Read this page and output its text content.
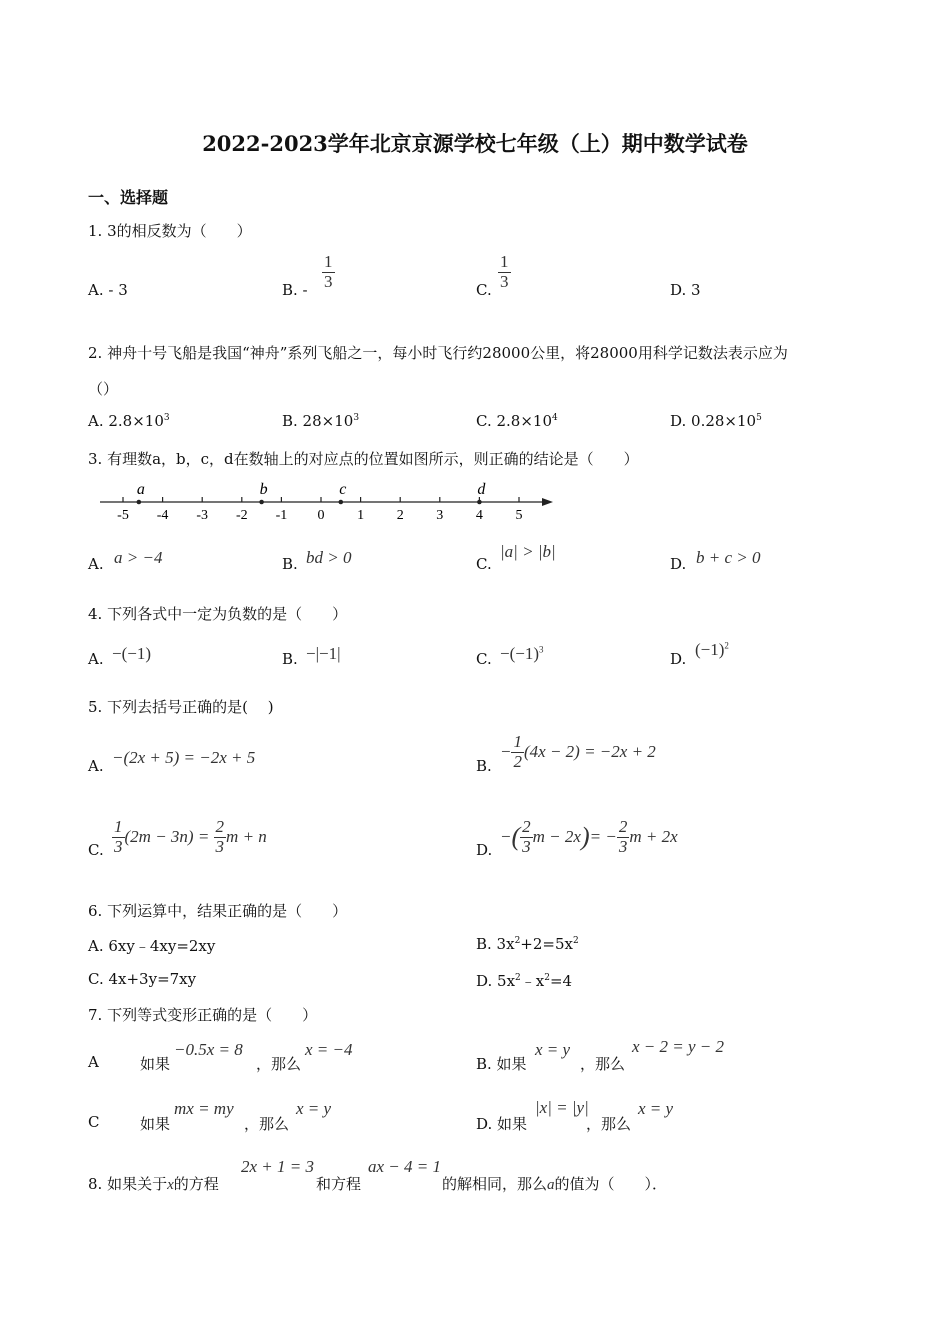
2022-2023学年北京京源学校七年级（上）期中数学试卷
一、选择题
1. 3的相反数为（　　）
A. - 3	B. - $\frac{1}{3}$	C. $\frac{1}{3}$	D. 3
2. 神舟十号飞船是我国“神舟”系列飞船之一，每小时飞行约28000公里，将28000用科学记数法表示应为
（）
A. $2.8\times 10^3$	B. $28\times 10^3$	C. $2.8\times 10^4$	D. $0.28\times 10^5$
3. 有理数a，b，c，d在数轴上的对应点的位置如图所示，则正确的结论是（　　）
-5 -4 -3 -2 -1 0 1 2 3 4 5
a	b	c	d
A. a > −4	B. bd > 0	C.
|a| > |b|
D. b + c > 0
4. 下列各式中一定为负数的是（　　）
A. −(−1)	B. −|−1|	C. $-(-1)^3$
D. $(-1)^2$
5. 下列去括号正确的是(　 )
A. −(2x + 5) = −2x + 5	B.
− $\frac{1}{2} (4x - 2) = -2x + 2$
C. $\frac{1}{3} (2m - 3n) = \frac{2}{3}$ m + n
D.
−( $\frac{2}{3}$ $m - 2x)= - \frac{2}{3}$ m + 2x
6. 下列运算中，结果正确的是（　　）
A. 6xy﹣4xy=2xy	B. $3x^2+2=5x^2$
C. 4x+3y=7xy	D. $5x^2﹣x^2=4$
7. 下列等式变形正确的是（　　）
A	如果
−0.5x = 8
，那么
x = −4
B. 如果
x = y
，那么
x − 2 = y − 2
C	如果
mx = my
，那么
x = y
D. 如果
|x| = |y|
，那么
x = y
8. 如果关于x的方程
2x + 1 = 3
和方程
ax − 4 = 1
的解相同，那么a的值为（　　）．
